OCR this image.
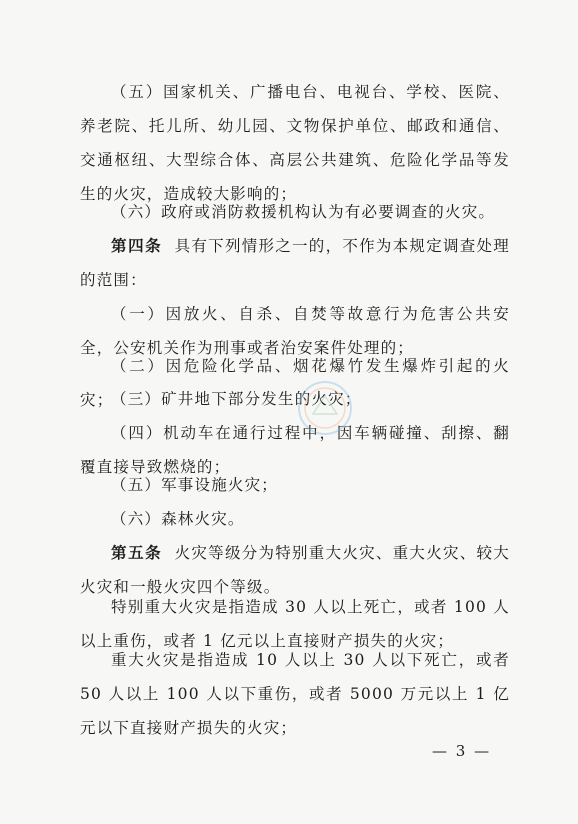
（五）国家机关、广播电台、电视台、学校、医院、养老院、托儿所、幼儿园、文物保护单位、邮政和通信、交通枢纽、大型综合体、高层公共建筑、危险化学品等发生的火灾，造成较大影响的；

（六）政府或消防救援机构认为有必要调查的火灾。

第四条 具有下列情形之一的，不作为本规定调查处理的范围：

（一）因放火、自杀、自焚等故意行为危害公共安全，公安机关作为刑事或者治安案件处理的；

（二）因危险化学品、烟花爆竹发生爆炸引起的火灾；

（三）矿井地下部分发生的火灾；

（四）机动车在通行过程中，因车辆碰撞、刮擦、翻覆直接导致燃烧的；

（五）军事设施火灾；

（六）森林火灾。

第五条 火灾等级分为特别重大火灾、重大火灾、较大火灾和一般火灾四个等级。

特别重大火灾是指造成 30 人以上死亡，或者 100 人以上重伤，或者 1 亿元以上直接财产损失的火灾；

重大火灾是指造成 10 人以上 30 人以下死亡，或者 50 人以上 100 人以下重伤，或者 5000 万元以上 1 亿元以下直接财产损失的火灾；

— 3 —
